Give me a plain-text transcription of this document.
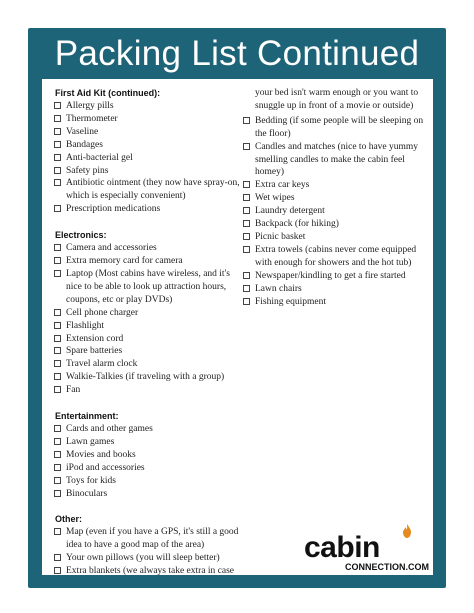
Packing List Continued
First Aid Kit (continued):
Allergy pills
Thermometer
Vaseline
Bandages
Anti-bacterial gel
Safety pins
Antibiotic ointment (they now have spray-on, which is especially convenient)
Prescription medications
Electronics:
Camera and accessories
Extra memory card for camera
Laptop (Most cabins have wireless, and it's nice to be able to look up attraction hours, coupons, etc or play DVDs)
Cell phone charger
Flashlight
Extension cord
Spare batteries
Travel alarm clock
Walkie-Talkies (if traveling with a group)
Fan
Entertainment:
Cards and other games
Lawn games
Movies and books
iPod and accessories
Toys for kids
Binoculars
Other:
Map (even if you have a GPS, it's still a good idea to have a good map of the area)
Your own pillows (you will sleep better)
Extra blankets (we always take extra in case
your bed isn't warm enough or you want to snuggle up in front of a movie or outside)
Bedding (if some people will be sleeping on the floor)
Candles and matches (nice to have yummy smelling candles to make the cabin feel homey)
Extra car keys
Wet wipes
Laundry detergent
Backpack (for hiking)
Picnic basket
Extra towels (cabins never come equipped with enough for showers and the hot tub)
Newspaper/kindling to get a fire started
Lawn chairs
Fishing equipment
cabin
CONNECTION.COM
